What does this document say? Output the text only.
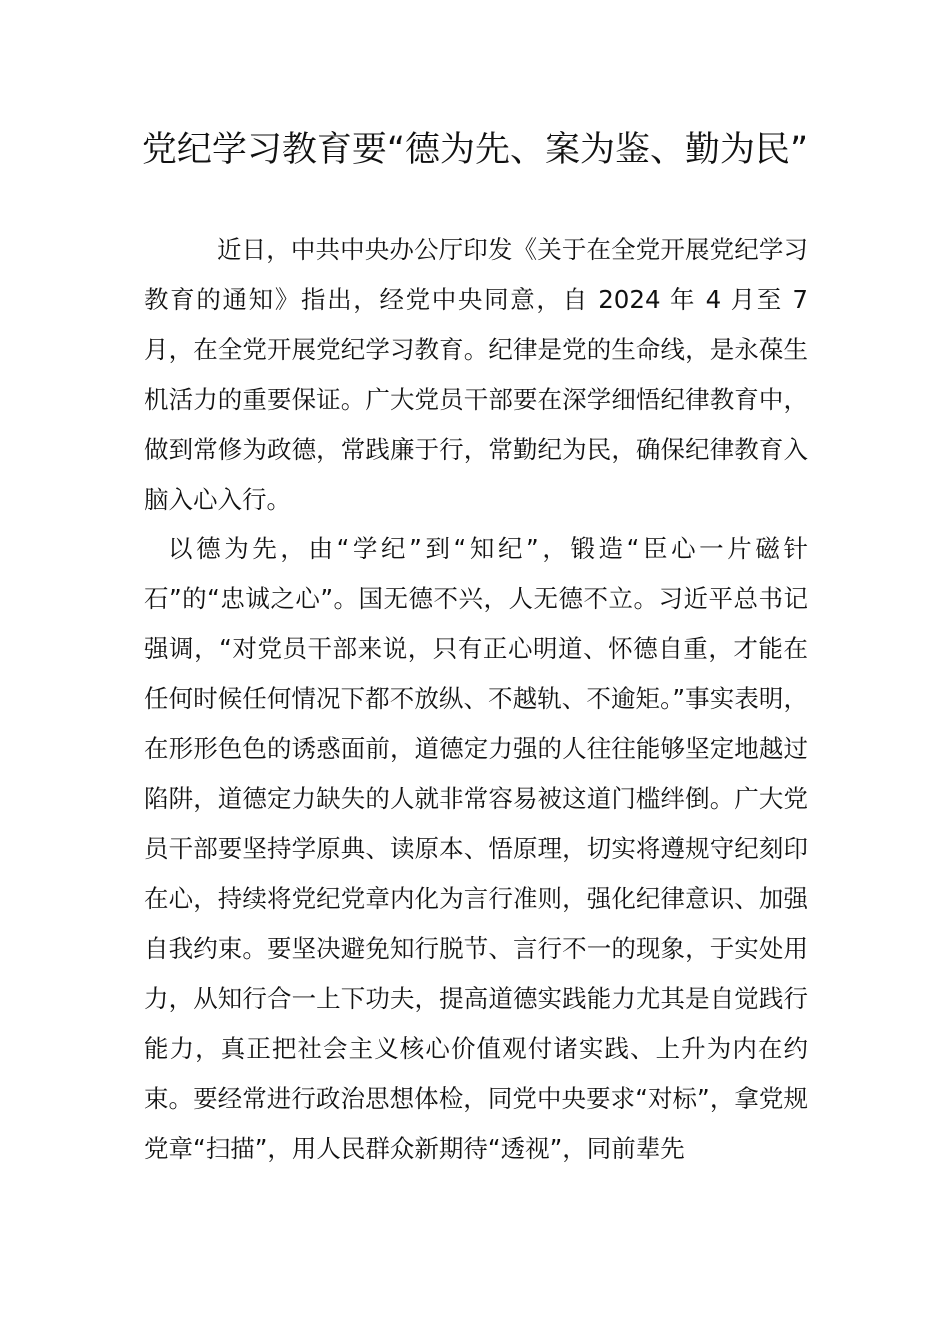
党纪学习教育要“德为先、案为鉴、勤为民”

近日，中共中央办公厅印发《关于在全党开展党纪学习教育的通知》指出，经党中央同意，自 2024 年 4 月至 7 月，在全党开展党纪学习教育。纪律是党的生命线，是永葆生机活力的重要保证。广大党员干部要在深学细悟纪律教育中，做到常修为政德，常践廉于行，常勤纪为民，确保纪律教育入脑入心入行。

以德为先，由“学纪”到“知纪”，锻造“臣心一片磁针石”的“忠诚之心”。国无德不兴，人无德不立。习近平总书记强调，“对党员干部来说，只有正心明道、怀德自重，才能在任何时候任何情况下都不放纵、不越轨、不逾矩。”事实表明，在形形色色的诱惑面前，道德定力强的人往往能够坚定地越过陷阱，道德定力缺失的人就非常容易被这道门槛绊倒。广大党员干部要坚持学原典、读原本、悟原理，切实将遵规守纪刻印在心，持续将党纪党章内化为言行准则，强化纪律意识、加强自我约束。要坚决避免知行脱节、言行不一的现象，于实处用力，从知行合一上下功夫，提高道德实践能力尤其是自觉践行能力，真正把社会主义核心价值观付诸实践、上升为内在约束。要经常进行政治思想体检，同党中央要求“对标”，拿党规党章“扫描”，用人民群众新期待“透视”，同前辈先
